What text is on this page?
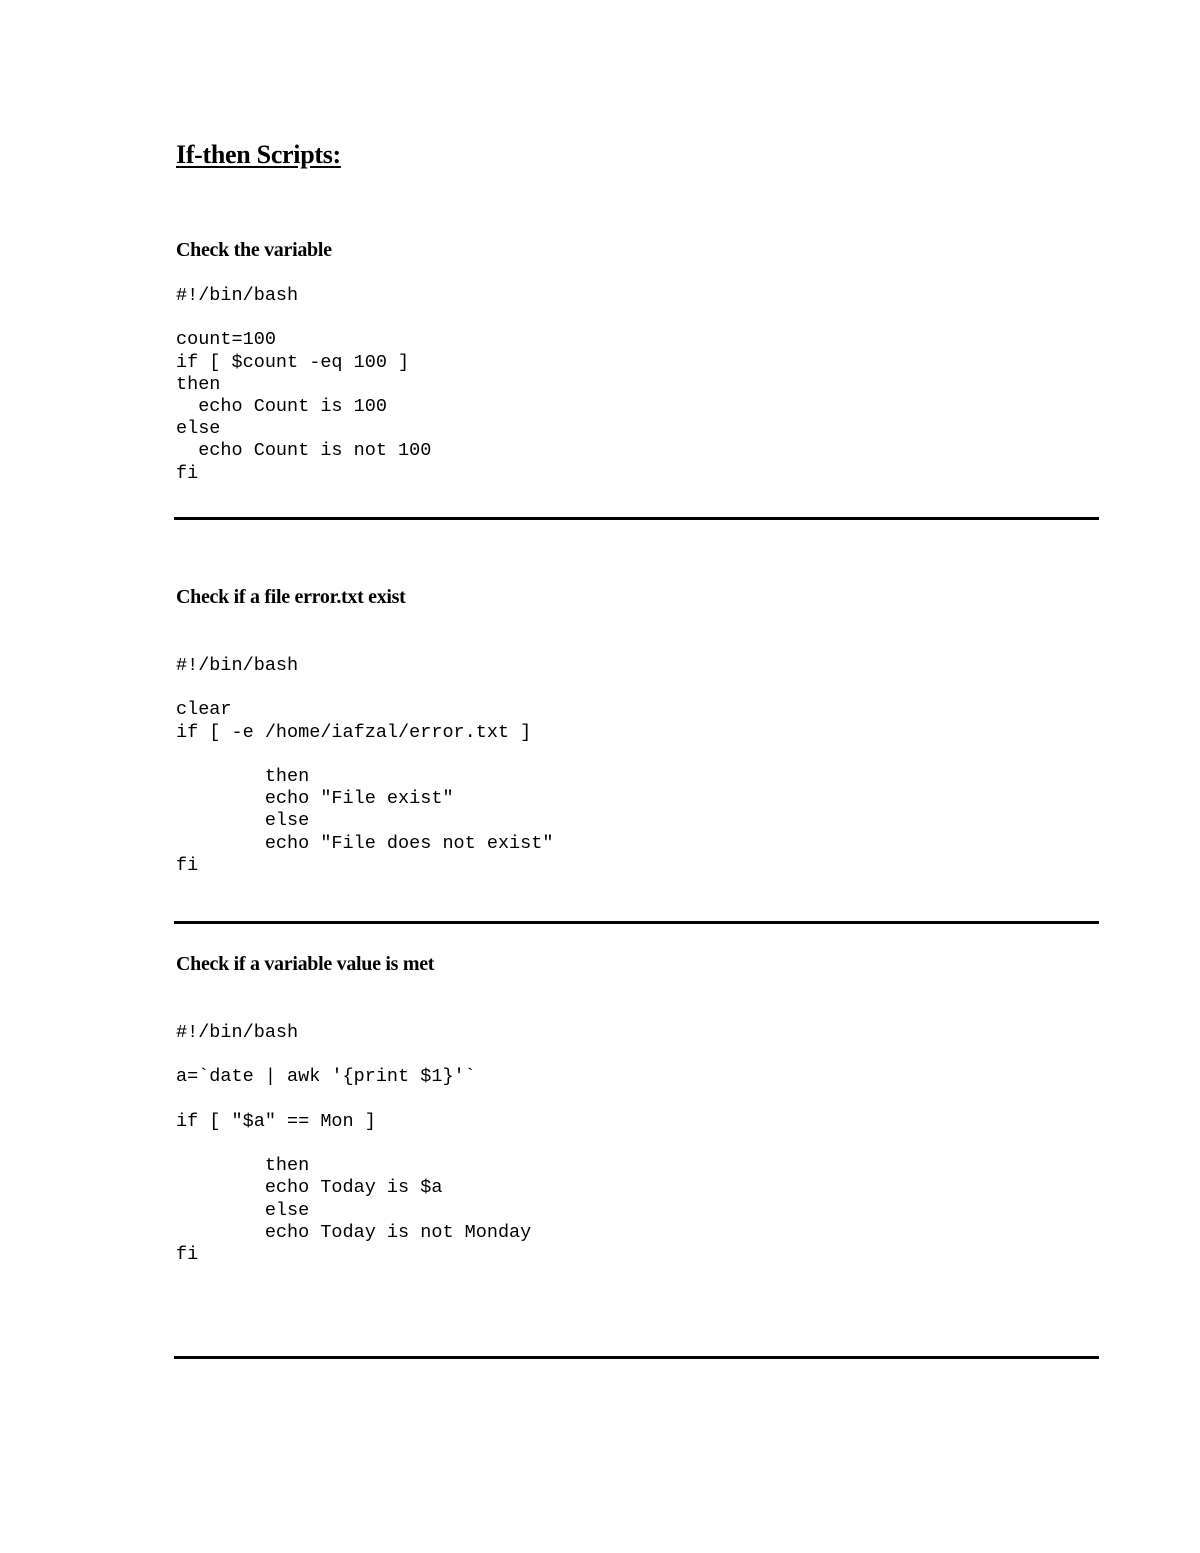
If-then Scripts:
Check the variable
#!/bin/bash

count=100
if [ $count -eq 100 ]
then
echo Count is 100
else
echo Count is not 100
fi
Check if a file error.txt exist
#!/bin/bash

clear
if [ -e /home/iafzal/error.txt ]

then
echo "File exist"
else
echo "File does not exist"
fi
Check if a variable value is met
#!/bin/bash

a=`date | awk '{print $1}'`

if [ "$a" == Mon ]

then
echo Today is $a
else
echo Today is not Monday
fi
